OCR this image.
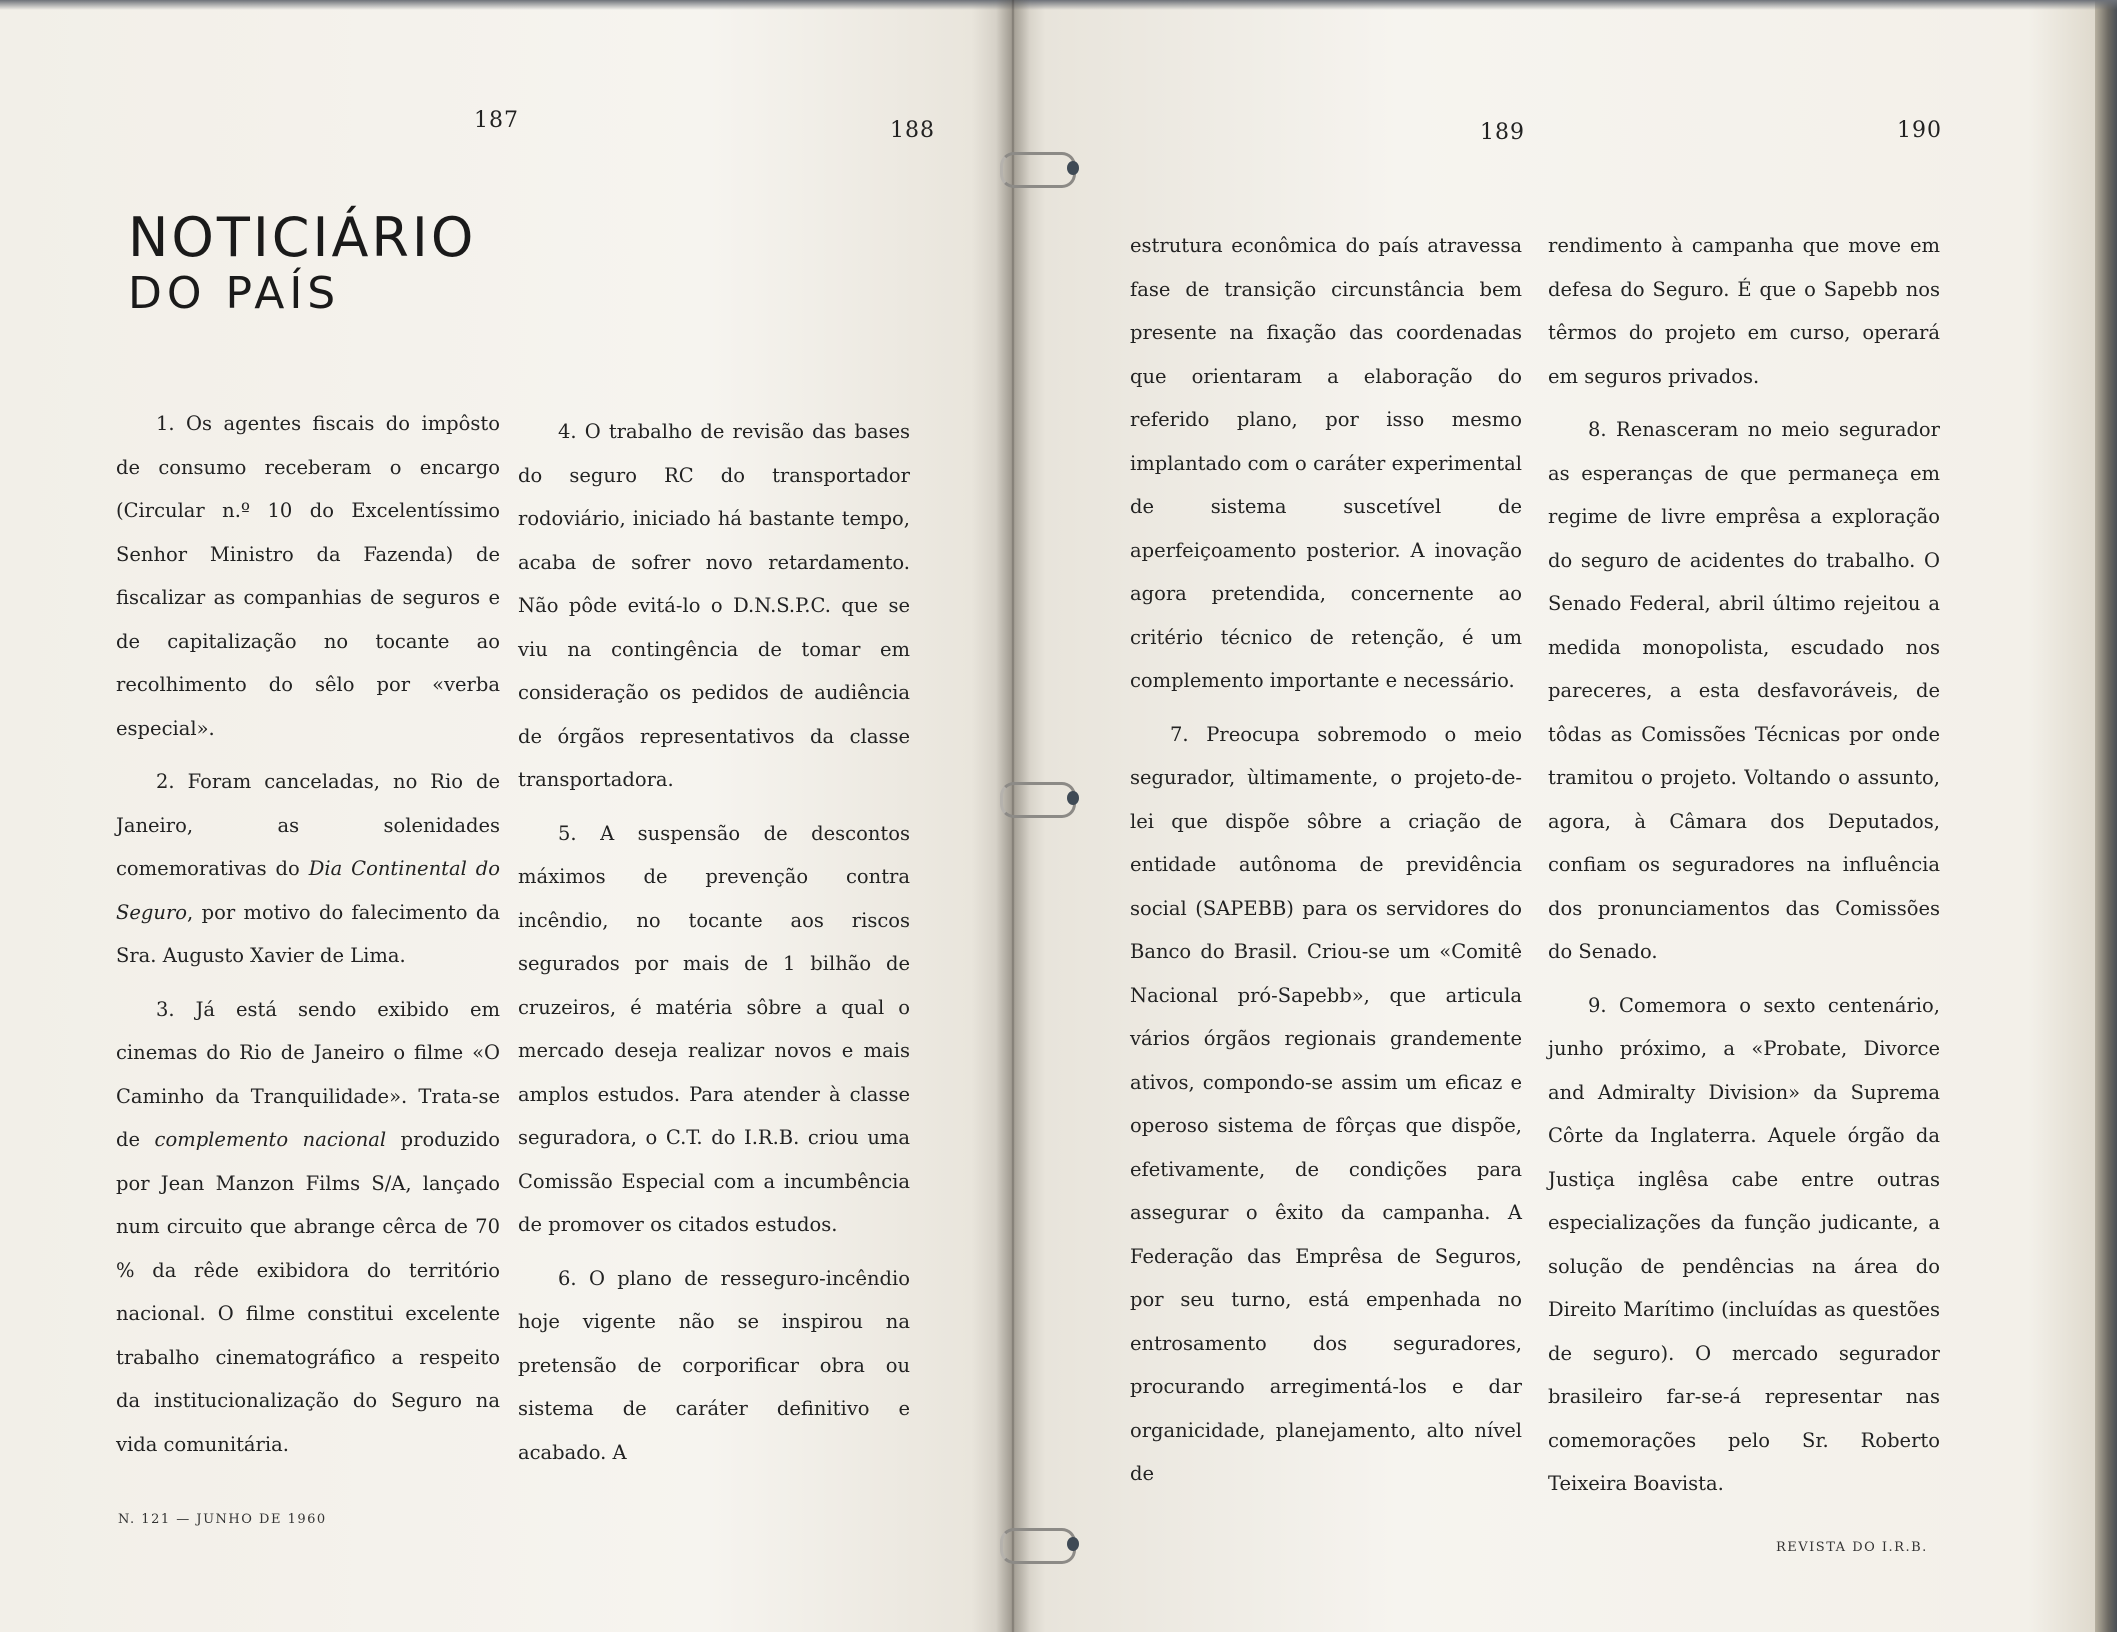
187	188	189	190
NOTICIÁRIO
DO PAÍS

1. Os agentes fiscais do impôsto de consumo receberam o encargo (Circular n.º 10 do Excelentíssimo Senhor Ministro da Fazenda) de fiscalizar as companhias de seguros e de capitalização no tocante ao recolhimento do sêlo por «verba especial».

2. Foram canceladas, no Rio de Janeiro, as solenidades comemorativas do Dia Continental do Seguro, por motivo do falecimento da Sra. Augusto Xavier de Lima.

3. Já está sendo exibido em cinemas do Rio de Janeiro o filme «O Caminho da Tranquilidade». Trata-se de complemento nacional produzido por Jean Manzon Films S/A, lançado num circuito que abrange cêrca de 70 % da rêde exibidora do território nacional. O filme constitui excelente trabalho cinematográfico a respeito da institucionalização do Seguro na vida comunitária.

4. O trabalho de revisão das bases do seguro RC do transportador rodoviário, iniciado há bastante tempo, acaba de sofrer novo retardamento. Não pôde evitá-lo o D.N.S.P.C. que se viu na contingência de tomar em consideração os pedidos de audiência de órgãos representativos da classe transportadora.

5. A suspensão de descontos máximos de prevenção contra incêndio, no tocante aos riscos segurados por mais de 1 bilhão de cruzeiros, é matéria sôbre a qual o mercado deseja realizar novos e mais amplos estudos. Para atender à classe seguradora, o C.T. do I.R.B. criou uma Comissão Especial com a incumbência de promover os citados estudos.

6. O plano de resseguro-incêndio hoje vigente não se inspirou na pretensão de corporificar obra ou sistema de caráter definitivo e acabado. A

estrutura econômica do país atravessa fase de transição circunstância bem presente na fixação das coordenadas que orientaram a elaboração do referido plano, por isso mesmo implantado com o caráter experimental de sistema suscetível de aperfeiçoamento posterior. A inovação agora pretendida, concernente ao critério técnico de retenção, é um complemento importante e necessário.

7. Preocupa sobremodo o meio segurador, ùltimamente, o projeto-de-lei que dispõe sôbre a criação de entidade autônoma de previdência social (SAPEBB) para os servidores do Banco do Brasil. Criou-se um «Comitê Nacional pró-Sapebb», que articula vários órgãos regionais grandemente ativos, compondo-se assim um eficaz e operoso sistema de fôrças que dispõe, efetivamente, de condições para assegurar o êxito da campanha. A Federação das Emprêsa de Seguros, por seu turno, está empenhada no entrosamento dos seguradores, procurando arregimentá-los e dar organicidade, planejamento, alto nível de

rendimento à campanha que move em defesa do Seguro. É que o Sapebb nos têrmos do projeto em curso, operará em seguros privados.

8. Renasceram no meio segurador as esperanças de que permaneça em regime de livre emprêsa a exploração do seguro de acidentes do trabalho. O Senado Federal, abril último rejeitou a medida monopolista, escudado nos pareceres, a esta desfavoráveis, de tôdas as Comissões Técnicas por onde tramitou o projeto. Voltando o assunto, agora, à Câmara dos Deputados, confiam os seguradores na influência dos pronunciamentos das Comissões do Senado.

9. Comemora o sexto centenário, junho próximo, a «Probate, Divorce and Admiralty Division» da Suprema Côrte da Inglaterra. Aquele órgão da Justiça inglêsa cabe entre outras especializações da função judicante, a solução de pendências na área do Direito Marítimo (incluídas as questões de seguro). O mercado segurador brasileiro far-se-á representar nas comemorações pelo Sr. Roberto Teixeira Boavista.

N. 121 — JUNHO DE 1960
REVISTA DO I.R.B.
